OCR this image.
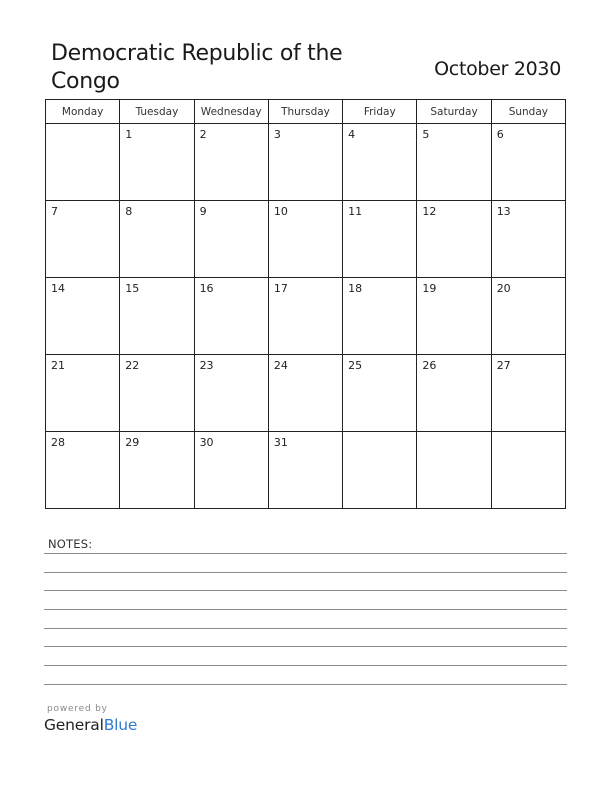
Democratic Republic of the Congo	October 2030
Monday	Tuesday	Wednesday	Thursday	Friday	Saturday	Sunday

	1	2	3	4	5	6

7	8	9	10	11	12	13

14	15	16	17	18	19	20

21	22	23	24	25	26	27

28	29	30	31			

NOTES:
powered by
GeneralBlue
